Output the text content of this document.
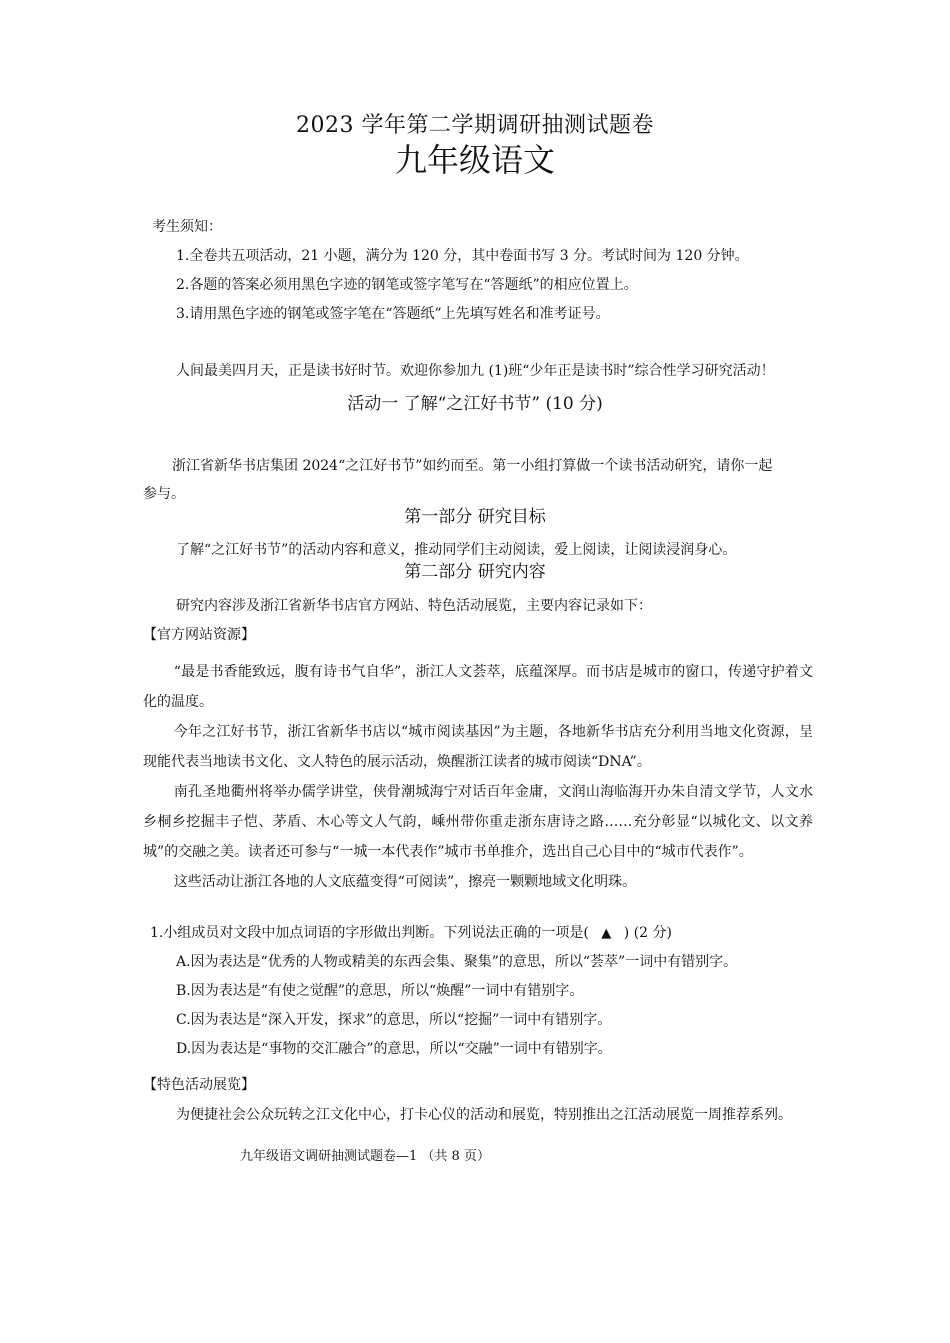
2023 学年第二学期调研抽测试题卷
九年级语文
考生须知：
1.全卷共五项活动，21 小题，满分为 120 分，其中卷面书写 3 分。考试时间为 120 分钟。
2.各题的答案必须用黑色字迹的钢笔或签字笔写在“答题纸”的相应位置上。
3.请用黑色字迹的钢笔或签字笔在“答题纸”上先填写姓名和准考证号。
人间最美四月天，正是读书好时节。欢迎你参加九 (1)班“少年正是读书时”综合性学习研究活动！
活动一 了解“之江好书节” (10 分)
浙江省新华书店集团 2024“之江好书节”如约而至。第一小组打算做一个读书活动研究，请你一起
参与。
第一部分 研究目标
了解“之江好书节”的活动内容和意义，推动同学们主动阅读，爱上阅读，让阅读浸润身心。
第二部分 研究内容
研究内容涉及浙江省新华书店官方网站、特色活动展览，主要内容记录如下：
【官方网站资源】

“最是书香能致远，腹有诗书气自华”，浙江人文荟萃，底蕴深厚。而书店是城市的窗口，传递守护着文化的温度。

今年之江好书节，浙江省新华书店以“城市阅读基因”为主题，各地新华书店充分利用当地文化资源，呈现能代表当地读书文化、文人特色的展示活动，焕醒浙江读者的城市阅读“DNA”。

南孔圣地衢州将举办儒学讲堂，侠骨潮城海宁对话百年金庸，文润山海临海开办朱自清文学节，人文水乡桐乡挖掘丰子恺、茅盾、木心等文人气韵，嵊州带你重走浙东唐诗之路……充分彰显“以城化文、以文养城”的交融之美。读者还可参与“一城一本代表作”城市书单推介，选出自己心目中的“城市代表作”。

这些活动让浙江各地的人文底蕴变得“可阅读”，擦亮一颗颗地域文化明珠。

1.小组成员对文段中加点词语的字形做出判断。下列说法正确的一项是( ▲ ) (2 分)
A.因为表达是“优秀的人物或精美的东西会集、聚集”的意思，所以“荟萃”一词中有错别字。
B.因为表达是“有使之觉醒”的意思，所以“焕醒”一词中有错别字。
C.因为表达是“深入开发，探求”的意思，所以“挖掘”一词中有错别字。
D.因为表达是“事物的交汇融合”的意思，所以“交融”一词中有错别字。
【特色活动展览】
为便捷社会公众玩转之江文化中心，打卡心仪的活动和展览，特别推出之江活动展览一周推荐系列。
九年级语文调研抽测试题卷—1 （共 8 页）
